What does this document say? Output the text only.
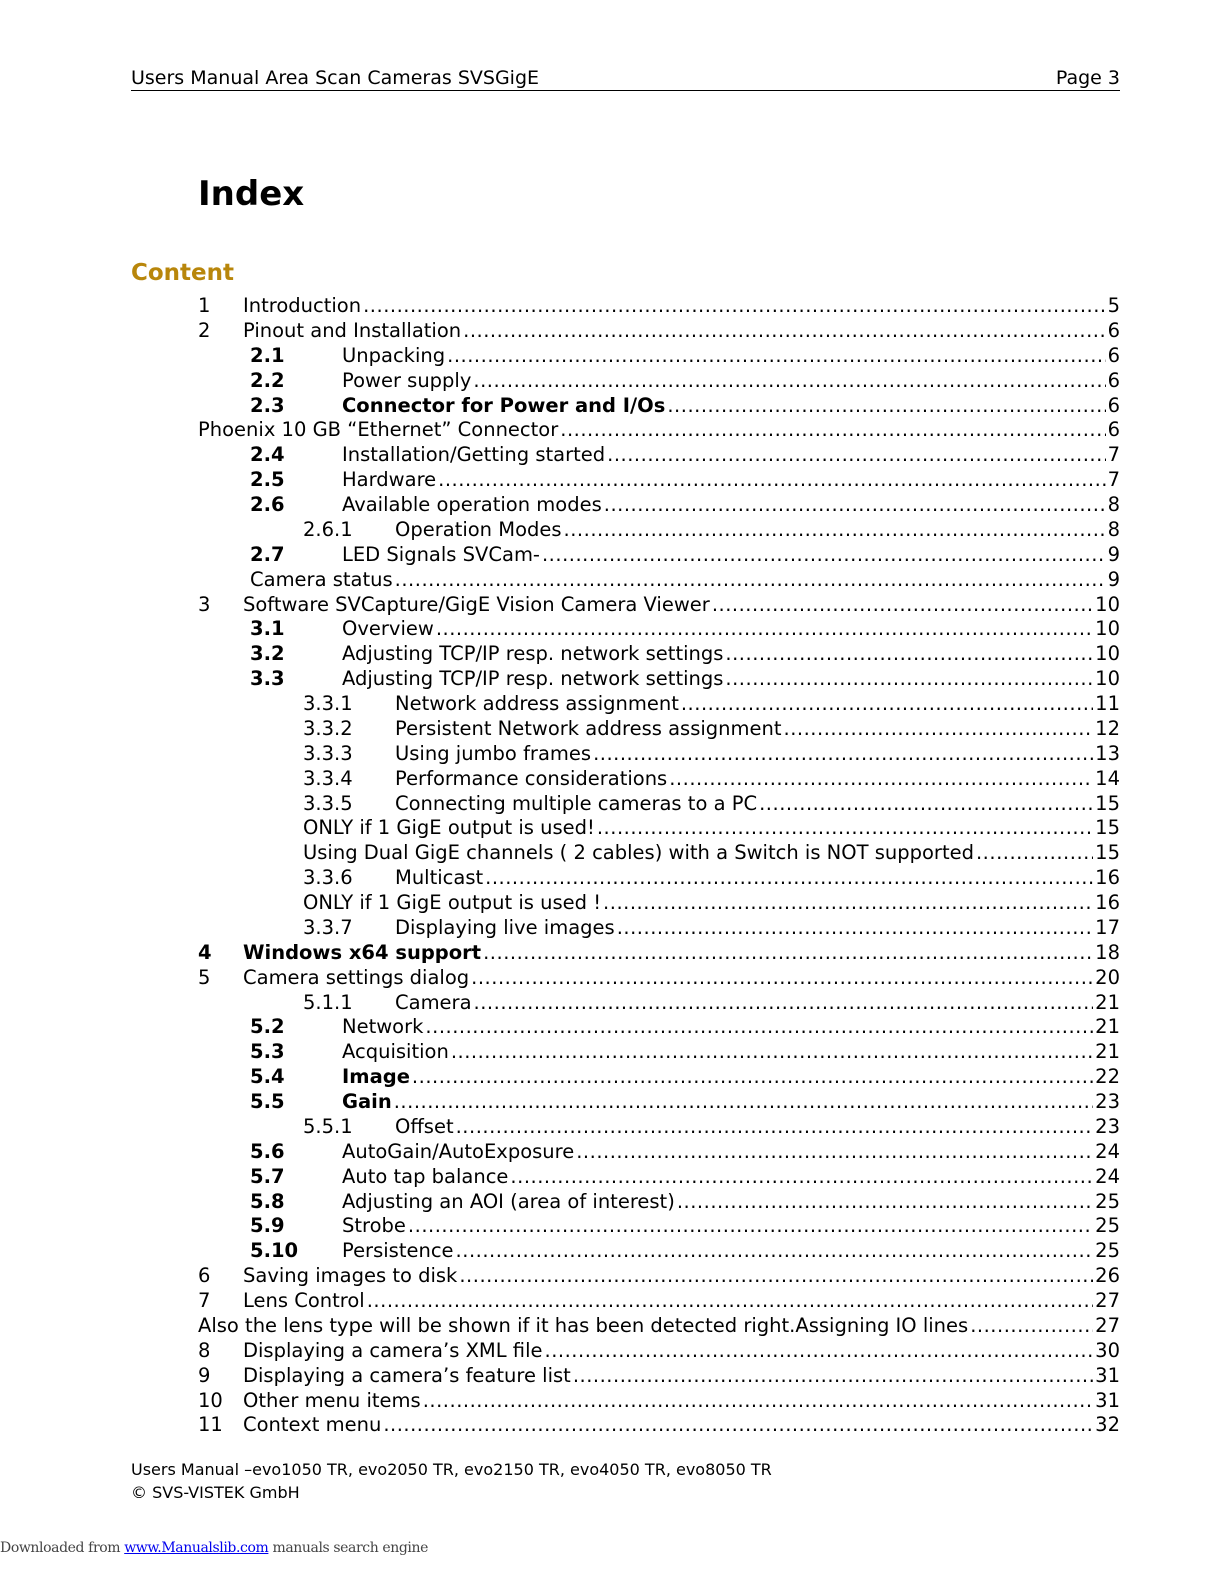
Users Manual Area Scan Cameras SVSGigE	Page 3
Index
Content
1 Introduction .....	5
2 Pinout and Installation .....	6
2.1	Unpacking .....	6
2.2	Power supply .....	6
2.3	Connector for Power and I/Os .....	6
Phoenix 10 GB “Ethernet” Connector .....	6
2.4	Installation/Getting started .....	7
2.5	Hardware .....	7
2.6	Available operation modes .....	8
2.6.1 Operation Modes .....	8
2.7	LED Signals SVCam- .....	9
Camera status .....	9
3 Software SVCapture/GigE Vision Camera Viewer .....	10
3.1	Overview .....	10
3.2	Adjusting TCP/IP resp. network settings .....	10
3.3	Adjusting TCP/IP resp. network settings .....	10
3.3.1 Network address assignment .....	11
3.3.2 Persistent Network address assignment .....	12
3.3.3 Using jumbo frames .....	13
3.3.4 Performance considerations .....	14
3.3.5 Connecting multiple cameras to a PC .....	15
ONLY if 1 GigE output is used! .....	15
Using Dual GigE channels ( 2 cables) with a Switch is NOT supported .....	15
3.3.6 Multicast .....	16
ONLY if 1 GigE output is used ! .....	16
3.3.7 Displaying live images .....	17
4 Windows x64 support .....	18
5 Camera settings dialog .....	20
5.1.1 Camera .....	21
5.2	Network .....	21
5.3	Acquisition .....	21
5.4	Image .....	22
5.5	Gain .....	23
5.5.1 Offset .....	23
5.6	AutoGain/AutoExposure .....	24
5.7	Auto tap balance .....	24
5.8	Adjusting an AOI (area of interest) .....	25
5.9	Strobe .....	25
5.10 Persistence .....	25
6 Saving images to disk .....	26
7 Lens Control .....	27
Also the lens type will be shown if it has been detected right.Assigning IO lines .....	27
8 Displaying a camera’s XML file .....	30
9 Displaying a camera’s feature list .....	31
10 Other menu items .....	31
11 Context menu .....	32
Users Manual –evo1050 TR, evo2050 TR, evo2150 TR, evo4050 TR, evo8050 TR
© SVS-VISTEK GmbH
Downloaded from www.Manualslib.com manuals search engine
